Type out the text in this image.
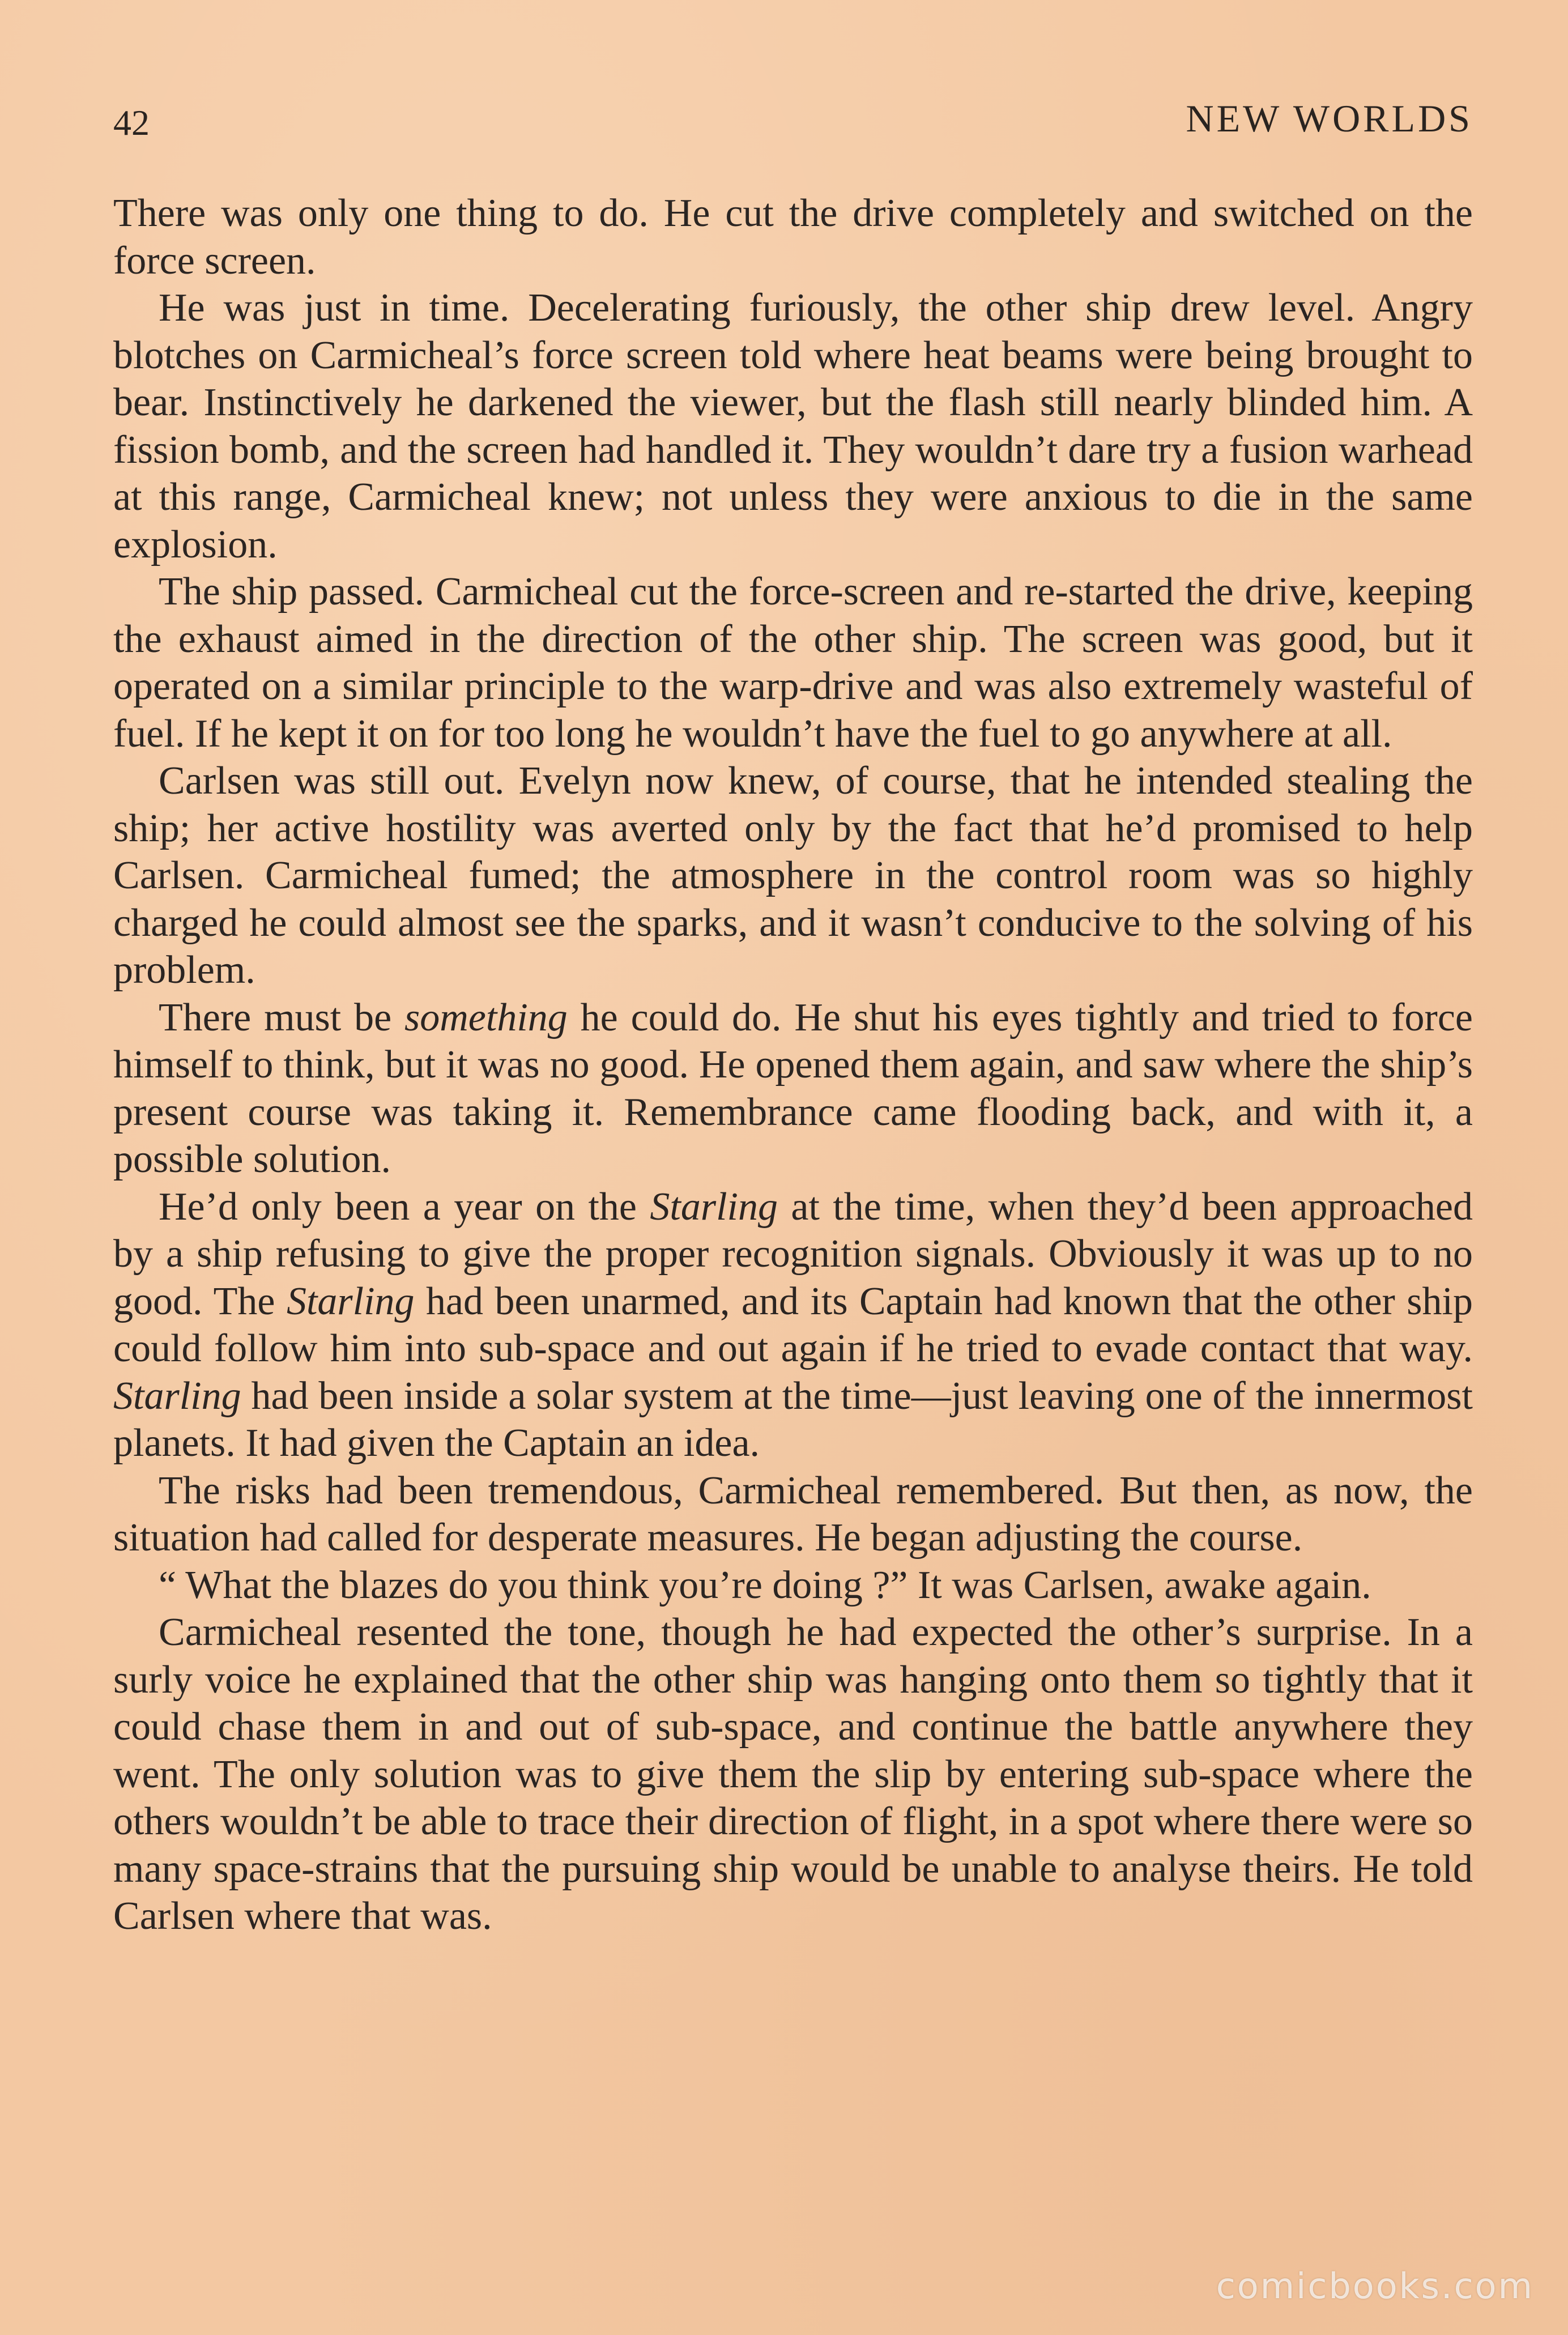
42	NEW WORLDS

There was only one thing to do. He cut the drive completely and switched on the force screen.

He was just in time. Decelerating furiously, the other ship drew level. Angry blotches on Carmicheal’s force screen told where heat beams were being brought to bear. Instinctively he darkened the viewer, but the flash still nearly blinded him. A fission bomb, and the screen had handled it. They wouldn’t dare try a fusion warhead at this range, Carmicheal knew; not unless they were anxious to die in the same explosion.

The ship passed. Carmicheal cut the force-screen and re-started the drive, keeping the exhaust aimed in the direction of the other ship. The screen was good, but it operated on a similar principle to the warp-drive and was also extremely wasteful of fuel. If he kept it on for too long he wouldn’t have the fuel to go anywhere at all.

Carlsen was still out. Evelyn now knew, of course, that he intended stealing the ship; her active hostility was averted only by the fact that he’d promised to help Carlsen. Carmicheal fumed; the atmosphere in the control room was so highly charged he could almost see the sparks, and it wasn’t conducive to the solving of his problem.

There must be something he could do. He shut his eyes tightly and tried to force himself to think, but it was no good. He opened them again, and saw where the ship’s present course was taking it. Remembrance came flooding back, and with it, a possible solution.

He’d only been a year on the Starling at the time, when they’d been approached by a ship refusing to give the proper recognition signals. Obviously it was up to no good. The Starling had been unarmed, and its Captain had known that the other ship could follow him into sub-space and out again if he tried to evade contact that way. Starling had been inside a solar system at the time—just leaving one of the innermost planets. It had given the Captain an idea.

The risks had been tremendous, Carmicheal remembered. But then, as now, the situation had called for desperate measures. He began adjusting the course.

“ What the blazes do you think you’re doing ?” It was Carlsen, awake again.

Carmicheal resented the tone, though he had expected the other’s surprise. In a surly voice he explained that the other ship was hanging onto them so tightly that it could chase them in and out of sub-space, and continue the battle anywhere they went. The only solution was to give them the slip by entering sub-space where the others wouldn’t be able to trace their direction of flight, in a spot where there were so many space-strains that the pursuing ship would be unable to analyse theirs. He told Carlsen where that was.

comicbooks.com
